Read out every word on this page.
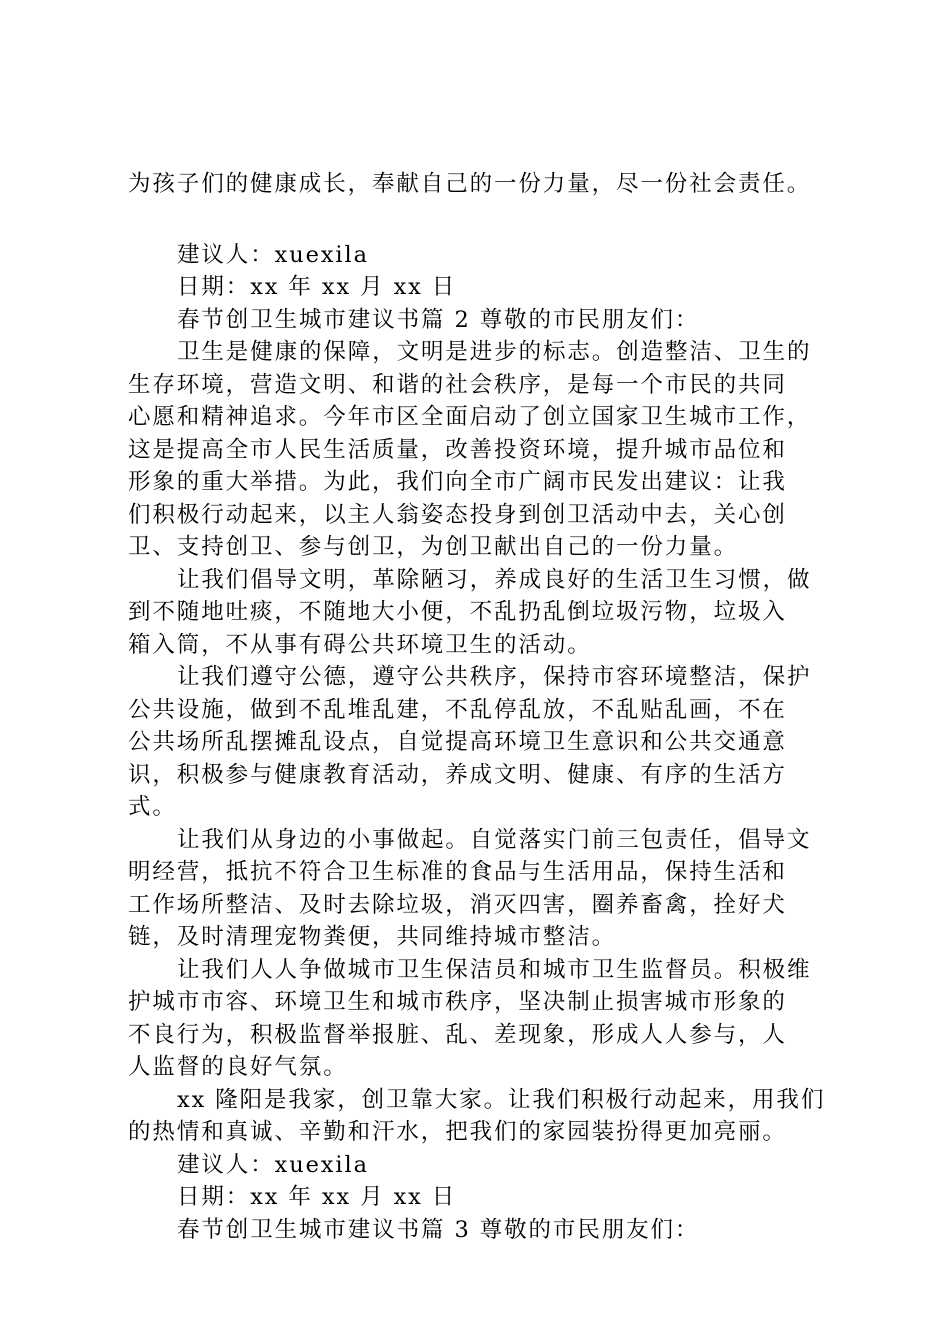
为孩子们的健康成长，奉献自己的一份力量，尽一份社会责任。
建议人：xuexila
日期：xx 年 xx 月 xx 日
春节创卫生城市建议书篇 2 尊敬的市民朋友们：
卫生是健康的保障，文明是进步的标志。创造整洁、卫生的
生存环境，营造文明、和谐的社会秩序，是每一个市民的共同
心愿和精神追求。今年市区全面启动了创立国家卫生城市工作，
这是提高全市人民生活质量，改善投资环境，提升城市品位和
形象的重大举措。为此，我们向全市广阔市民发出建议：让我
们积极行动起来，以主人翁姿态投身到创卫活动中去，关心创
卫、支持创卫、参与创卫，为创卫献出自己的一份力量。
让我们倡导文明，革除陋习，养成良好的生活卫生习惯，做
到不随地吐痰，不随地大小便，不乱扔乱倒垃圾污物，垃圾入
箱入筒，不从事有碍公共环境卫生的活动。
让我们遵守公德，遵守公共秩序，保持市容环境整洁，保护
公共设施，做到不乱堆乱建，不乱停乱放，不乱贴乱画，不在
公共场所乱摆摊乱设点，自觉提高环境卫生意识和公共交通意
识，积极参与健康教育活动，养成文明、健康、有序的生活方
式。
让我们从身边的小事做起。自觉落实门前三包责任，倡导文
明经营，抵抗不符合卫生标准的食品与生活用品，保持生活和
工作场所整洁、及时去除垃圾，消灭四害，圈养畜禽，拴好犬
链，及时清理宠物粪便，共同维持城市整洁。
让我们人人争做城市卫生保洁员和城市卫生监督员。积极维
护城市市容、环境卫生和城市秩序，坚决制止损害城市形象的
不良行为，积极监督举报脏、乱、差现象，形成人人参与，人
人监督的良好气氛。
xx 隆阳是我家，创卫靠大家。让我们积极行动起来，用我们
的热情和真诚、辛勤和汗水，把我们的家园装扮得更加亮丽。
建议人：xuexila
日期：xx 年 xx 月 xx 日
春节创卫生城市建议书篇 3 尊敬的市民朋友们：
